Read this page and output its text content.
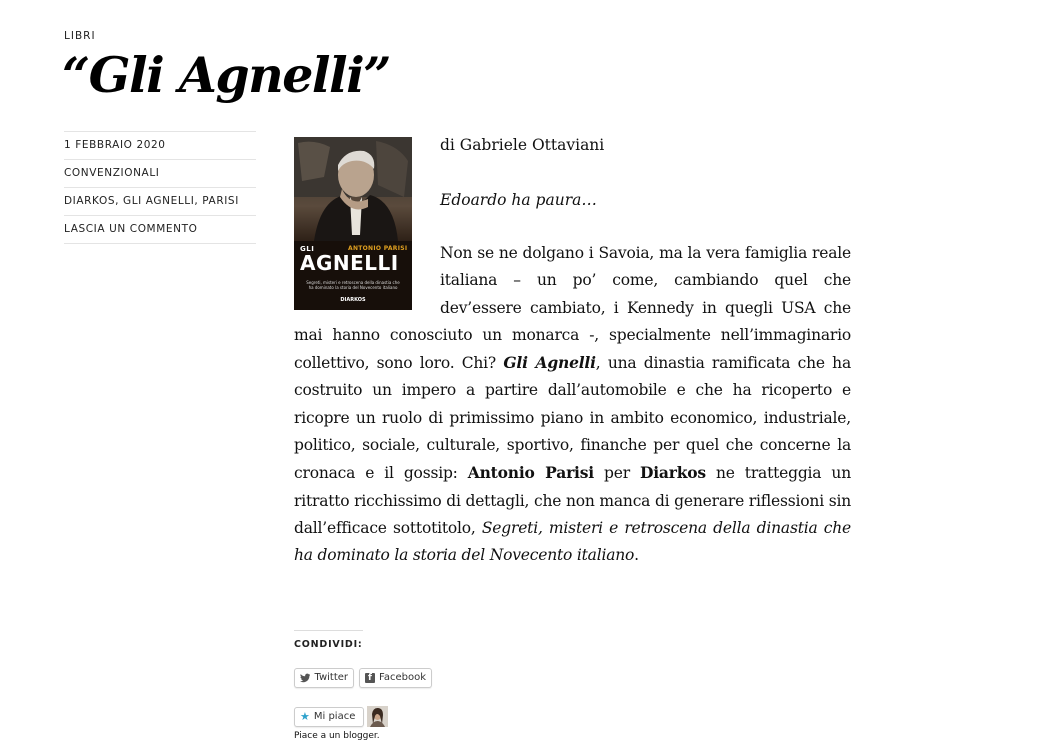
LIBRI
“Gli Agnelli”
1 FEBBRAIO 2020
CONVENZIONALI
DIARKOS, GLI AGNELLI, PARISI
LASCIA UN COMMENTO
GLI	ANTONIO PARISI
AGNELLI
Segreti, misteri e retroscena della dinastia che ha dominato la storia del Novecento italiano
DIARKOS
di Gabriele Ottaviani
Edoardo ha paura…

Non se ne dolgano i Savoia, ma la vera famiglia reale italiana – un po’ come, cambiando quel che dev’essere cambiato, i Kennedy in quegli USA che mai hanno conosciuto un monarca -, specialmente nell’immaginario collettivo, sono loro. Chi? Gli Agnelli, una dinastia ramificata che ha costruito un impero a partire dall’automobile e che ha ricoperto e ricopre un ruolo di primissimo piano in ambito economico, industriale, politico, sociale, culturale, sportivo, finanche per quel che concerne la cronaca e il gossip: Antonio Parisi per Diarkos ne tratteggia un ritratto ricchissimo di dettagli, che non manca di generare riflessioni sin dall’efficace sottotitolo, Segreti, misteri e retroscena della dinastia che ha dominato la storia del Novecento italiano.

CONDIVIDI:
Twitter	f Facebook
★ Mi piace
Piace a un blogger.
